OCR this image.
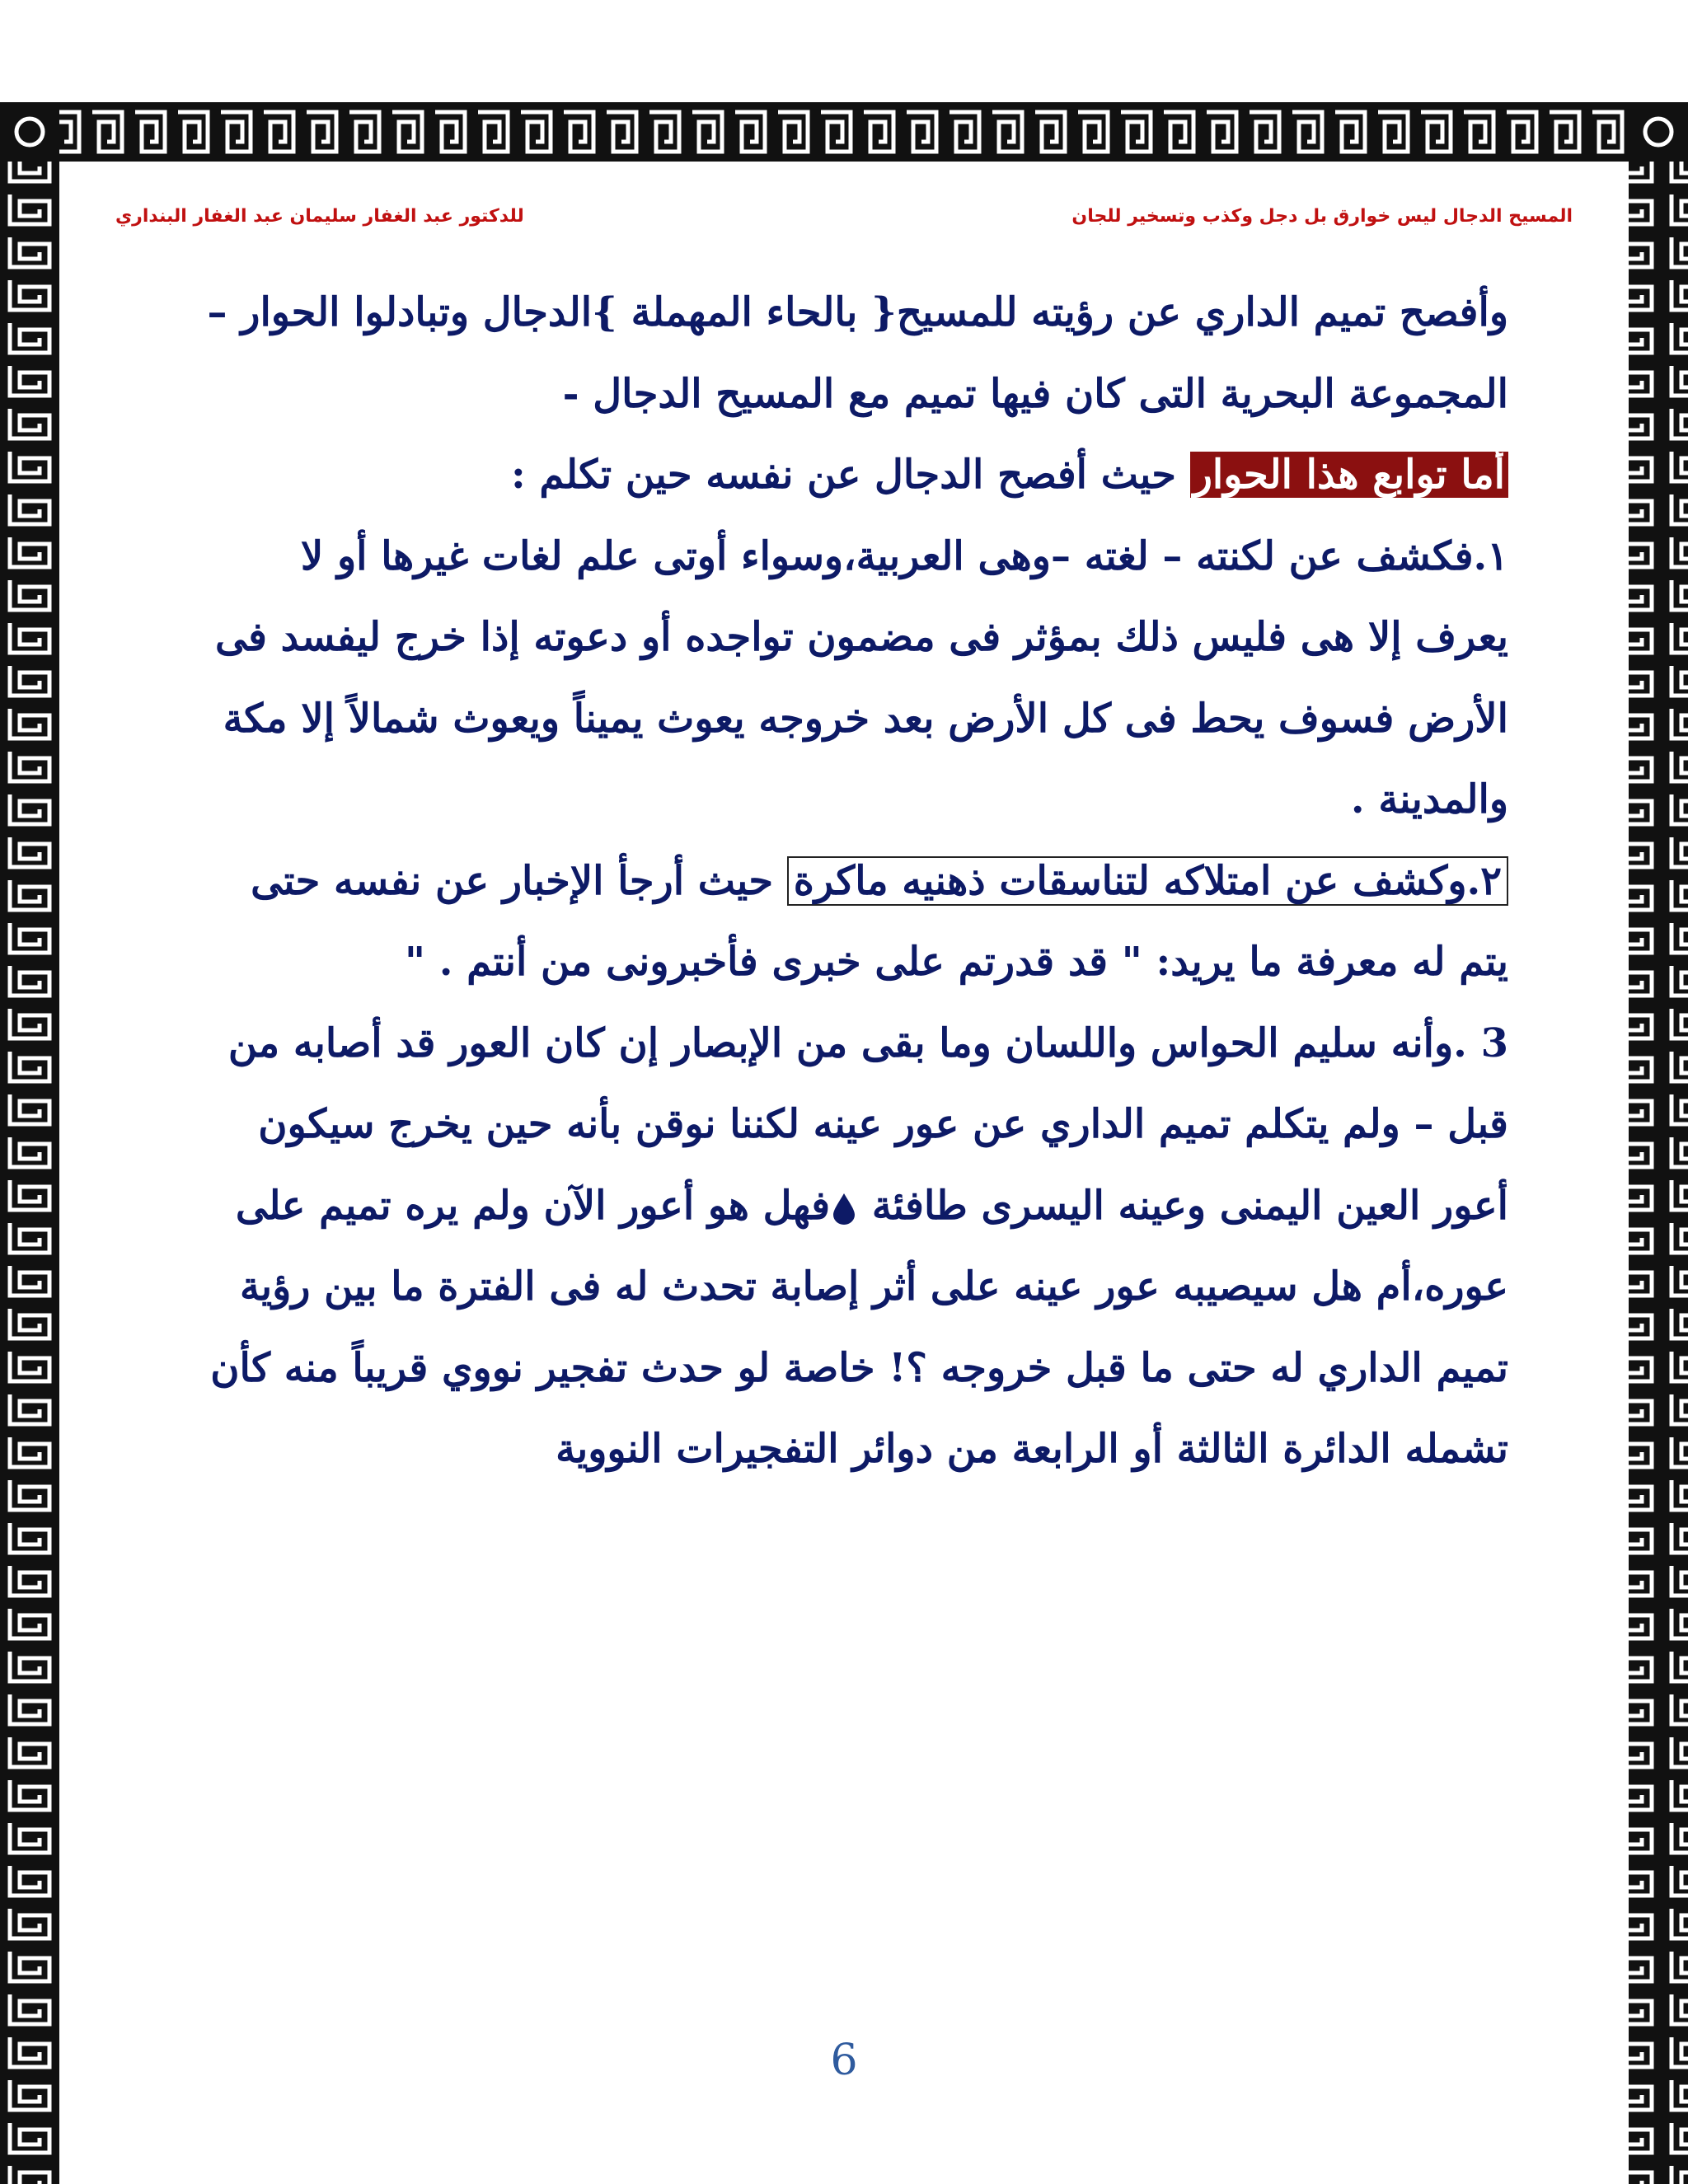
المسيح الدجال ليس خوارق بل دجل وكذب وتسخير للجان
للدكتور عبد الغفار سليمان عبد الغفار البنداري
وأفصح تميم الداري عن رؤيته للمسيح{ بالحاء المهملة }الدجال وتبادلوا الحوار –
المجموعة البحرية التى كان فيها تميم مع المسيح الدجال -
أما توابع هذا الحوار حيث أفصح الدجال عن نفسه حين تكلم :
١.فكشف عن لكنته – لغته –وهى العربية،وسواء أوتى علم لغات غيرها أو لا
يعرف إلا هى فليس ذلك بمؤثر فى مضمون تواجده أو دعوته إذا خرج ليفسد فى
الأرض فسوف يحط فى كل الأرض بعد خروجه يعوث يميناً ويعوث شمالاً إلا مكة
والمدينة .
٢.وكشف عن امتلاكه لتناسقات ذهنيه ماكرة حيث أرجأ الإخبار عن نفسه حتى
يتم له معرفة ما يريد: " قد قدرتم على خبرى فأخبرونى من أنتم . "
3 .وأنه سليم الحواس واللسان وما بقى من الإبصار إن كان العور قد أصابه من
قبل – ولم يتكلم تميم الداري عن عور عينه لكننا نوقن بأنه حين يخرج سيكون
أعور العين اليمنى وعينه اليسرى طافئة فهل هو أعور الآن ولم يره تميم على
عوره،أم هل سيصيبه عور عينه على أثر إصابة تحدث له فى الفترة ما بين رؤية
تميم الداري له حتى ما قبل خروجه ؟! خاصة لو حدث تفجير نووي قريباً منه كأن
تشمله الدائرة الثالثة أو الرابعة من دوائر التفجيرات النووية
6
